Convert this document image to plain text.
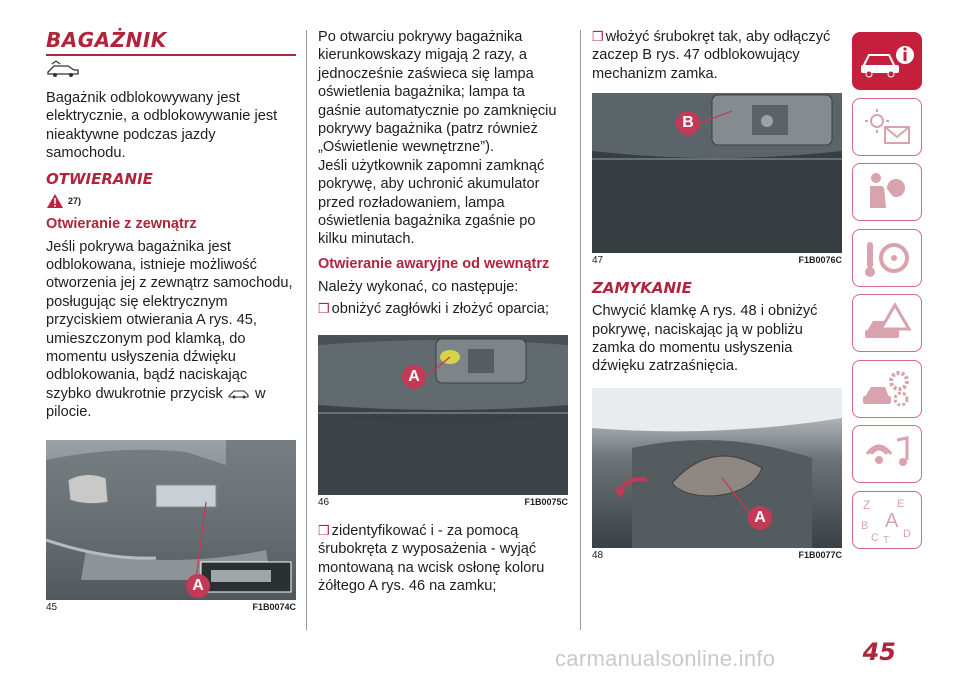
BAGAŻNIK

Bagażnik odblokowywany jest elektrycznie, a odblokowywanie jest nieaktywne podczas jazdy samochodu.

OTWIERANIE
27)
Otwieranie z zewnątrz

Jeśli pokrywa bagażnika jest odblokowana, istnieje możliwość otworzenia jej z zewnątrz samochodu, posługując się elektrycznym przyciskiem otwierania A rys. 45, umieszczonym pod klamką, do momentu usłyszenia dźwięku odblokowania, bądź naciskając szybko dwukrotnie przycisk w pilocie.

A
45	F1B0074C

Po otwarciu pokrywy bagażnika kierunkowskazy migają 2 razy, a jednocześnie zaświeca się lampa oświetlenia bagażnika; lampa ta gaśnie automatycznie po zamknięciu pokrywy bagażnika (patrz również „Oświetlenie wewnętrzne”).

Jeśli użytkownik zapomni zamknąć pokrywę, aby uchronić akumulator przed rozładowaniem, lampa oświetlenia bagażnika zgaśnie po kilku minutach.

Otwieranie awaryjne od wewnątrz

Należy wykonać, co następuje:

❒ obniżyć zagłówki i złożyć oparcia;

A
46	F1B0075C

❒ zidentyfikować i - za pomocą śrubokręta z wyposażenia - wyjąć montowaną na wcisk osłonę koloru żółtego A rys. 46 na zamku;

❒ włożyć śrubokręt tak, aby odłączyć zaczep B rys. 47 odblokowujący mechanizm zamka.

B
47	F1B0076C
ZAMYKANIE

Chwycić klamkę A rys. 48 i obniżyć pokrywę, naciskając ją w pobliżu zamka do momentu usłyszenia dźwięku zatrzaśnięcia.

A
48	F1B0077C
Z E
B A
C D
T
45
carmanualsonline.info
